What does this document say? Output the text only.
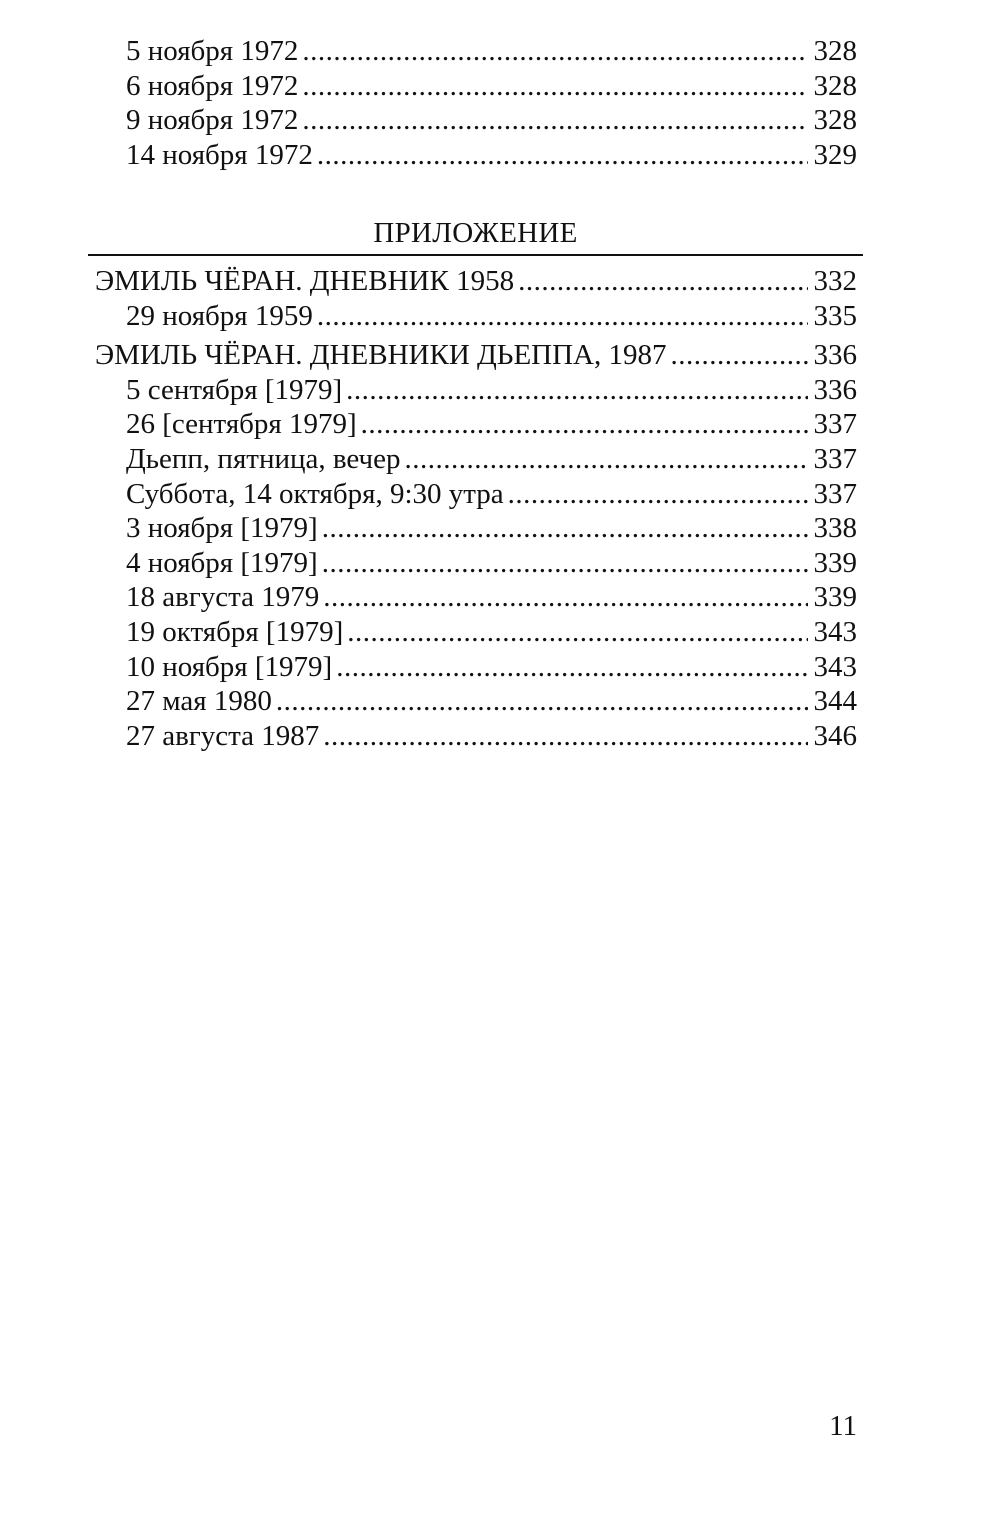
5 ноября 1972 .....	328
6 ноября 1972 .....	328
9 ноября 1972 .....	328
14 ноября 1972 .....	329
ПРИЛОЖЕНИЕ
ЭМИЛЬ ЧЁРАН. ДНЕВНИК 1958 .....	332
29 ноября 1959 .....	335
ЭМИЛЬ ЧЁРАН. ДНЕВНИКИ ДЬЕППА, 1987 .....	336
5 сентября [1979] .....	336
26 [сентября 1979] .....	337
Дьепп, пятница, вечер .....	337
Суббота, 14 октября, 9:30 утра .....	337
3 ноября [1979] .....	338
4 ноября [1979] .....	339
18 августа 1979 .....	339
19 октября [1979] .....	343
10 ноября [1979] .....	343
27 мая 1980 .....	344
27 августа 1987 .....	346
11
